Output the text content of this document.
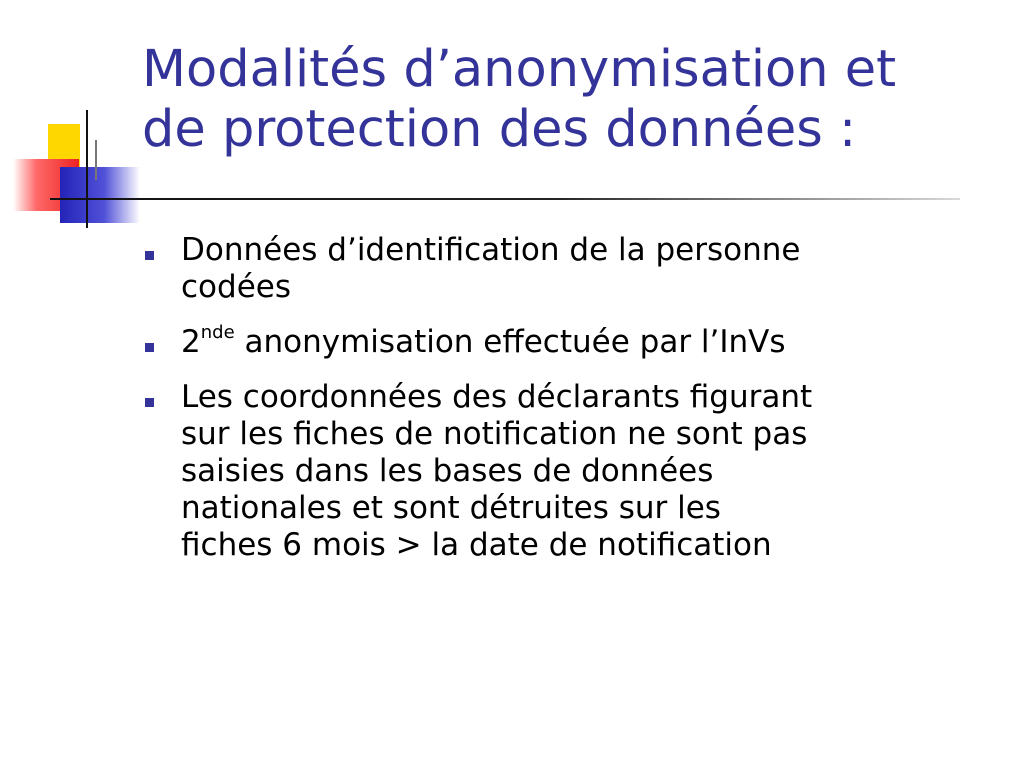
Modalités d’anonymisation et
de protection des données :
Données d’identification de la personne
codées
2nde anonymisation effectuée par l’InVs
Les coordonnées des déclarants figurant
sur les fiches de notification ne sont pas
saisies dans les bases de données
nationales et sont détruites sur les
fiches 6 mois > la date de notification
